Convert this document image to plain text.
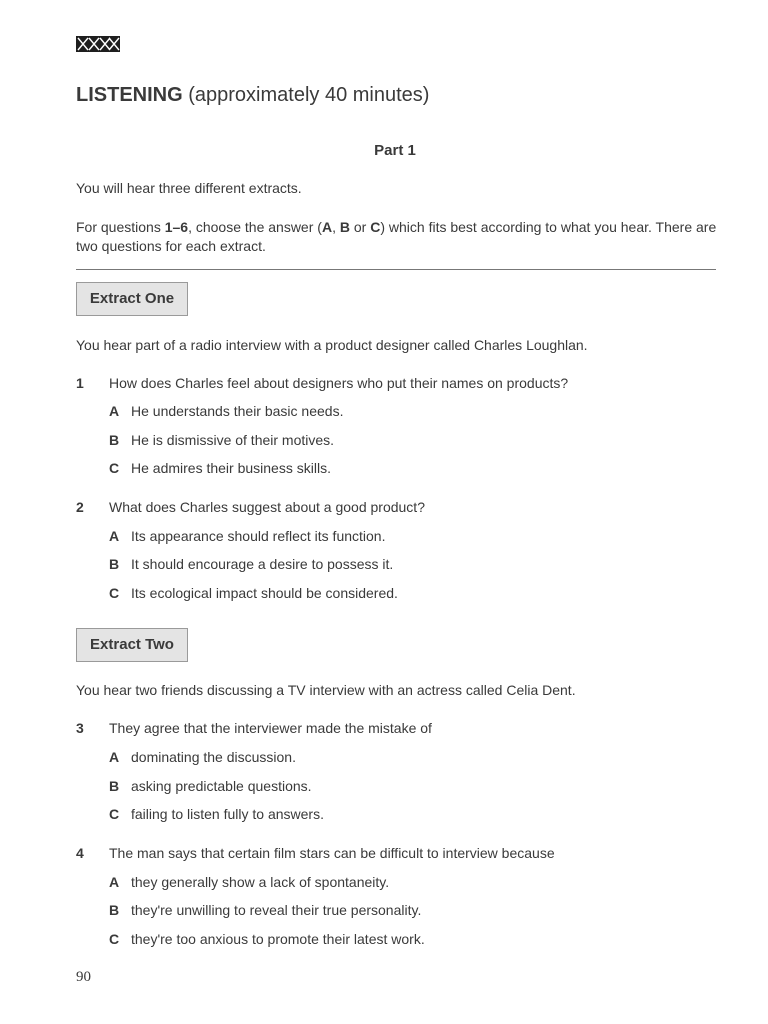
LISTENING (approximately 40 minutes)
Part 1
You will hear three different extracts.
For questions 1–6, choose the answer (A, B or C) which fits best according to what you hear. There are two questions for each extract.
Extract One
You hear part of a radio interview with a product designer called Charles Loughlan.
1 How does Charles feel about designers who put their names on products?
A He understands their basic needs.
B He is dismissive of their motives.
C He admires their business skills.
2 What does Charles suggest about a good product?
A Its appearance should reflect its function.
B It should encourage a desire to possess it.
C Its ecological impact should be considered.
Extract Two
You hear two friends discussing a TV interview with an actress called Celia Dent.
3 They agree that the interviewer made the mistake of
A dominating the discussion.
B asking predictable questions.
C failing to listen fully to answers.
4 The man says that certain film stars can be difficult to interview because
A they generally show a lack of spontaneity.
B they're unwilling to reveal their true personality.
C they're too anxious to promote their latest work.
90
